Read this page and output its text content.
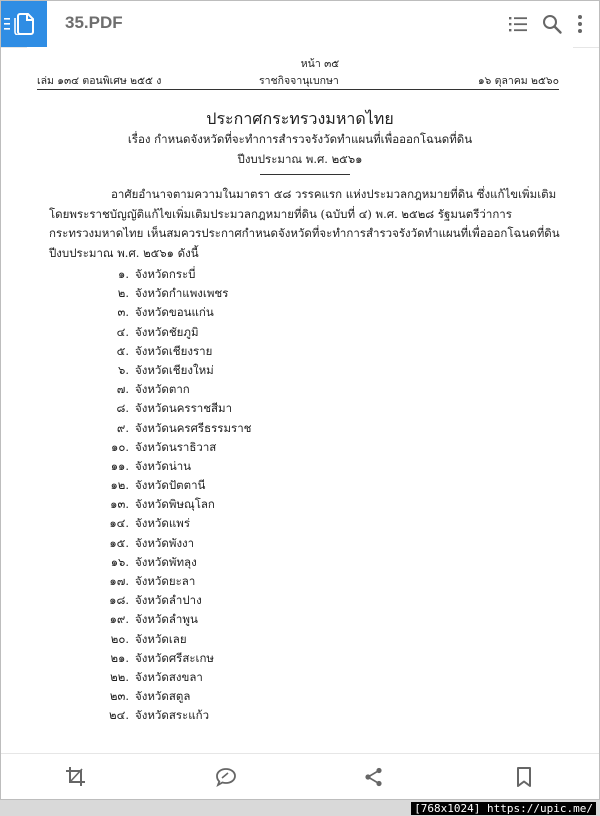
35.PDF
หน้า ๓๕
เล่ม ๑๓๔ ตอนพิเศษ ๒๕๕ ง	ราชกิจจานุเบกษา	๑๖ ตุลาคม ๒๕๖๐
ประกาศกระทรวงมหาดไทย
เรื่อง กำหนดจังหวัดที่จะทำการสำรวจรังวัดทำแผนที่เพื่อออกโฉนดที่ดิน
ปีงบประมาณ พ.ศ. ๒๕๖๑
อาศัยอำนาจตามความในมาตรา ๕๘ วรรคแรก แห่งประมวลกฎหมายที่ดิน ซึ่งแก้ไขเพิ่มเติม
โดยพระราชบัญญัติแก้ไขเพิ่มเติมประมวลกฎหมายที่ดิน (ฉบับที่ ๔) พ.ศ. ๒๕๒๘ รัฐมนตรีว่าการ
กระทรวงมหาดไทย เห็นสมควรประกาศกำหนดจังหวัดที่จะทำการสำรวจรังวัดทำแผนที่เพื่อออกโฉนดที่ดิน
ปีงบประมาณ พ.ศ. ๒๕๖๑ ดังนี้
๑. จังหวัดกระบี่
๒. จังหวัดกำแพงเพชร
๓. จังหวัดขอนแก่น
๔. จังหวัดชัยภูมิ
๕. จังหวัดเชียงราย
๖. จังหวัดเชียงใหม่
๗. จังหวัดตาก
๘. จังหวัดนครราชสีมา
๙. จังหวัดนครศรีธรรมราช
๑๐. จังหวัดนราธิวาส
๑๑. จังหวัดน่าน
๑๒. จังหวัดปัตตานี
๑๓. จังหวัดพิษณุโลก
๑๔. จังหวัดแพร่
๑๕. จังหวัดพังงา
๑๖. จังหวัดพัทลุง
๑๗. จังหวัดยะลา
๑๘. จังหวัดลำปาง
๑๙. จังหวัดลำพูน
๒๐. จังหวัดเลย
๒๑. จังหวัดศรีสะเกษ
๒๒. จังหวัดสงขลา
๒๓. จังหวัดสตูล
๒๔. จังหวัดสระแก้ว
[768x1024] https://upic.me/
